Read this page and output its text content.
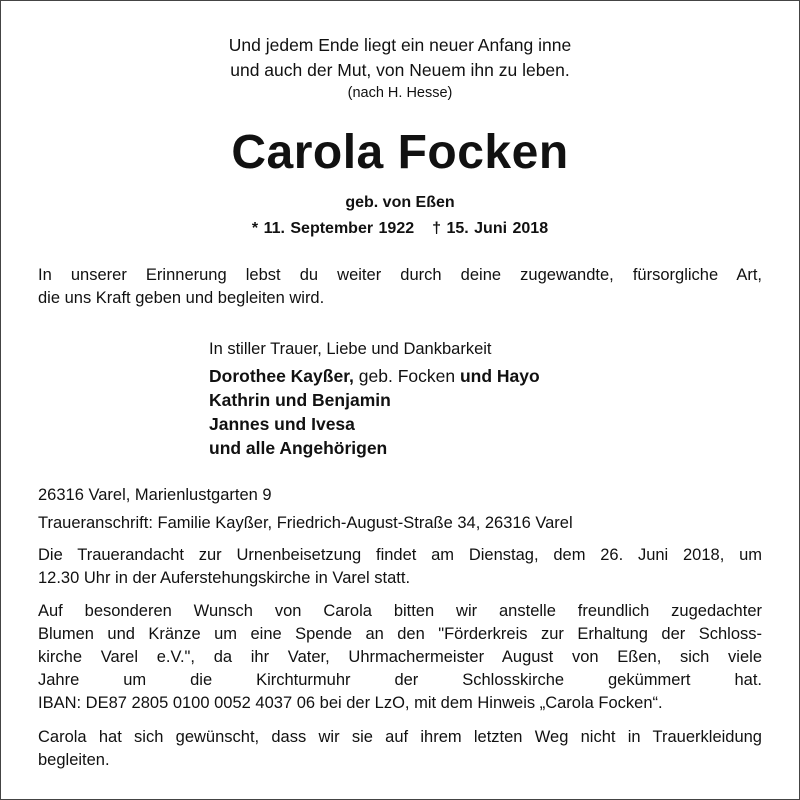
Und jedem Ende liegt ein neuer Anfang inne
und auch der Mut, von Neuem ihn zu leben.
(nach H. Hesse)
Carola Focken
geb. von Eßen
* 11. September 1922 † 15. Juni 2018
In unserer Erinnerung lebst du weiter durch deine zugewandte, fürsorgliche Art,
die uns Kraft geben und begleiten wird.
In stiller Trauer, Liebe und Dankbarkeit
Dorothee Kayßer, geb. Focken und Hayo
Kathrin und Benjamin
Jannes und Ivesa
und alle Angehörigen
26316 Varel, Marienlustgarten 9
Traueranschrift: Familie Kayßer, Friedrich-August-Straße 34, 26316 Varel
Die Trauerandacht zur Urnenbeisetzung findet am Dienstag, dem 26. Juni 2018, um
12.30 Uhr in der Auferstehungskirche in Varel statt.
Auf besonderen Wunsch von Carola bitten wir anstelle freundlich zugedachter
Blumen und Kränze um eine Spende an den "Förderkreis zur Erhaltung der Schloss-
kirche Varel e.V.", da ihr Vater, Uhrmachermeister August von Eßen, sich viele
Jahre um die Kirchturmuhr der Schlosskirche gekümmert hat.
IBAN: DE87 2805 0100 0052 4037 06 bei der LzO, mit dem Hinweis „Carola Focken“.
Carola hat sich gewünscht, dass wir sie auf ihrem letzten Weg nicht in Trauerkleidung
begleiten.
